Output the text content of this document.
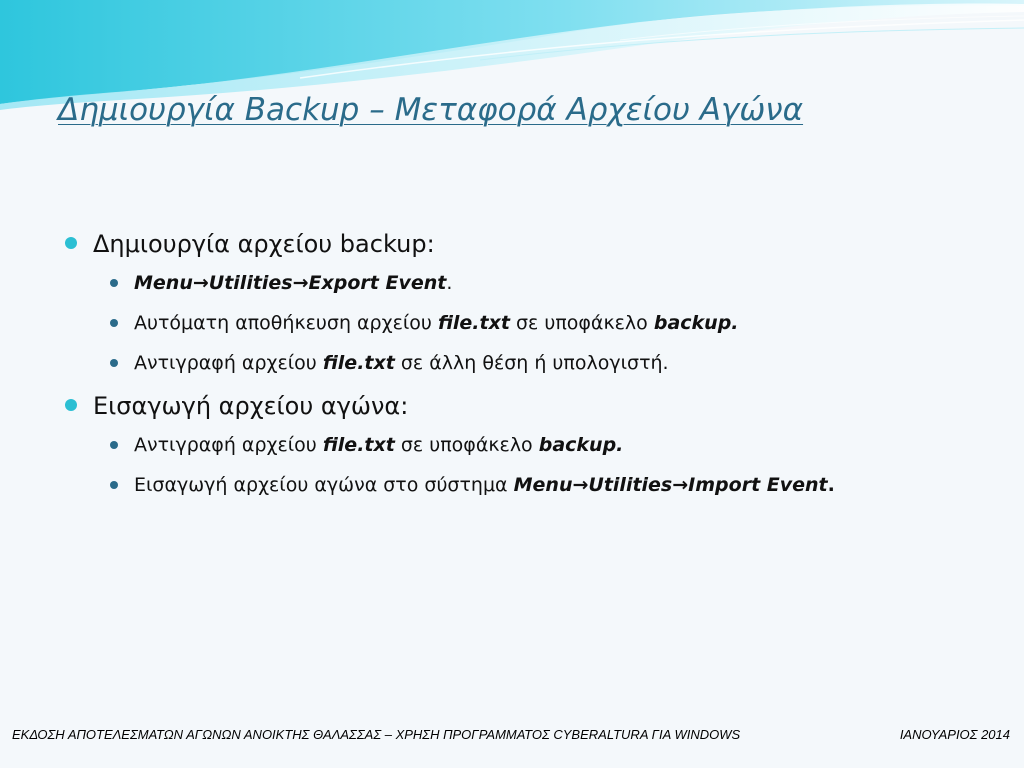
Δημιουργία Backup – Μεταφορά Αρχείου Αγώνα
Δημιουργία αρχείου backup:
Menu→Utilities→Export Event.
Αυτόματη αποθήκευση αρχείου file.txt σε υποφάκελο backup.
Αντιγραφή αρχείου file.txt σε άλλη θέση ή υπολογιστή.
Εισαγωγή αρχείου αγώνα:
Αντιγραφή αρχείου file.txt σε υποφάκελο backup.
Εισαγωγή αρχείου αγώνα στο σύστημα Menu→Utilities→Import Event.
ΕΚΔΟΣΗ ΑΠΟΤΕΛΕΣΜΑΤΩΝ ΑΓΩΝΩΝ ΑΝΟΙΚΤΗΣ ΘΑΛΑΣΣΑΣ – ΧΡΗΣΗ ΠΡΟΓΡΑΜΜΑΤΟΣ CYBERALTURA ΓΙΑ WINDOWS	ΙΑΝΟΥΑΡΙΟΣ 2014
